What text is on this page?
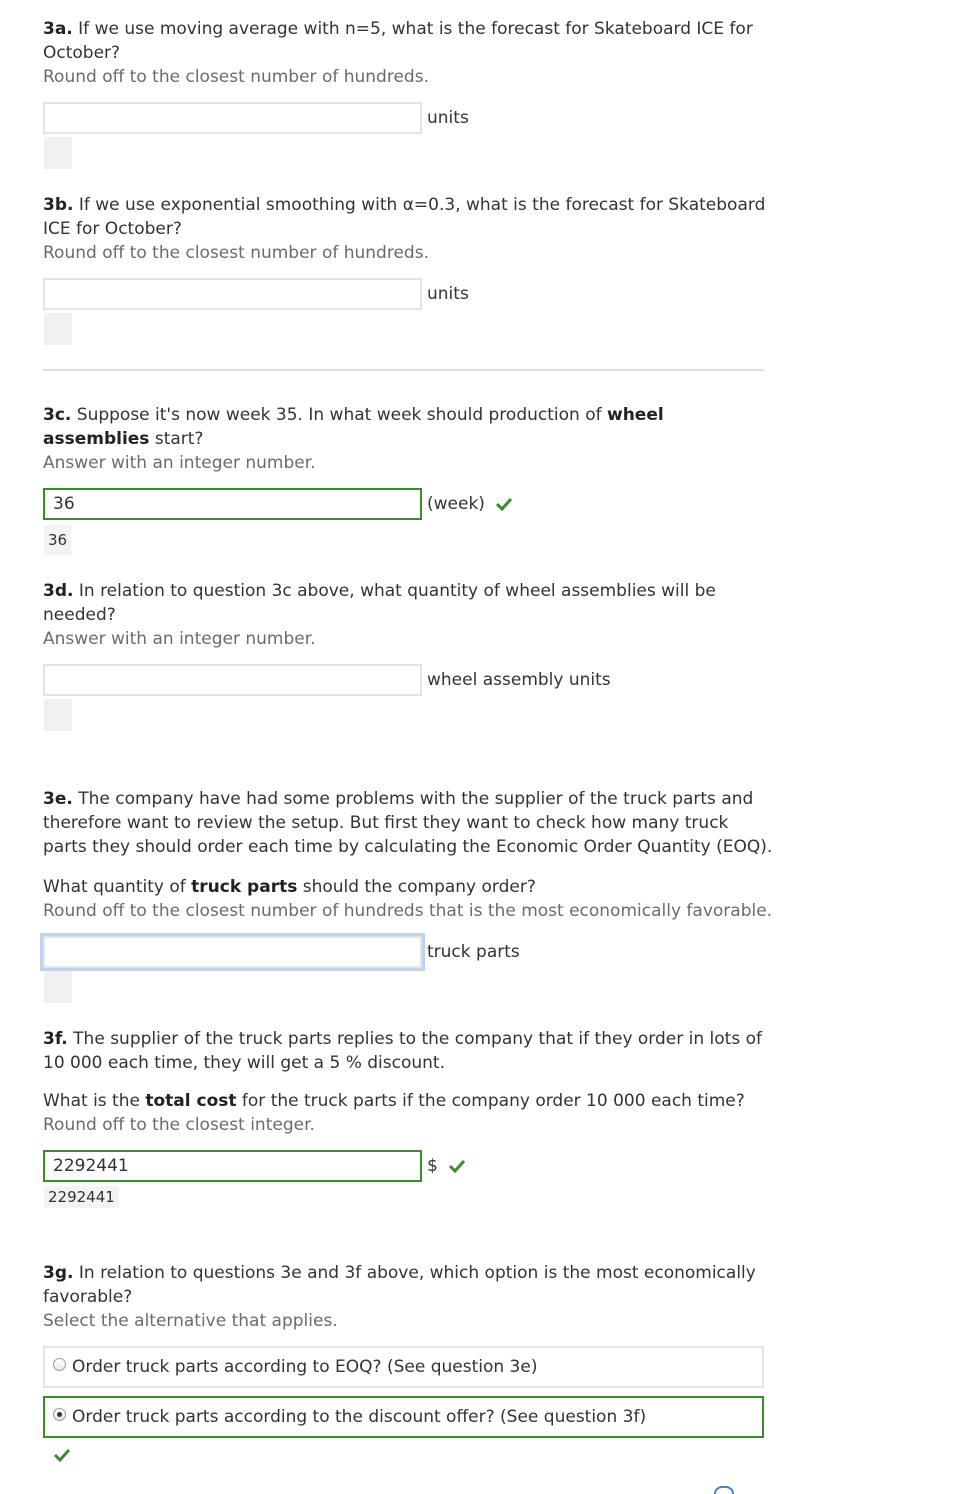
3a. If we use moving average with n=5, what is the forecast for Skateboard ICE for October?

Round off to the closest number of hundreds.

units

3b. If we use exponential smoothing with α=0.3, what is the forecast for Skateboard ICE for October?

Round off to the closest number of hundreds.

units

3c. Suppose it's now week 35. In what week should production of wheel assemblies start?

Answer with an integer number.

36
(week)
36

3d. In relation to question 3c above, what quantity of wheel assemblies will be needed?

Answer with an integer number.

wheel assembly units

3e. The company have had some problems with the supplier of the truck parts and therefore want to review the setup. But first they want to check how many truck parts they should order each time by calculating the Economic Order Quantity (EOQ).

What quantity of truck parts should the company order?

Round off to the closest number of hundreds that is the most economically favorable.

truck parts

3f. The supplier of the truck parts replies to the company that if they order in lots of 10 000 each time, they will get a 5 % discount.

What is the total cost for the truck parts if the company order 10 000 each time?

Round off to the closest integer.

2292441
$
2292441

3g. In relation to questions 3e and 3f above, which option is the most economically favorable?

Select the alternative that applies.

Order truck parts according to EOQ? (See question 3e)
Order truck parts according to the discount offer? (See question 3f)
